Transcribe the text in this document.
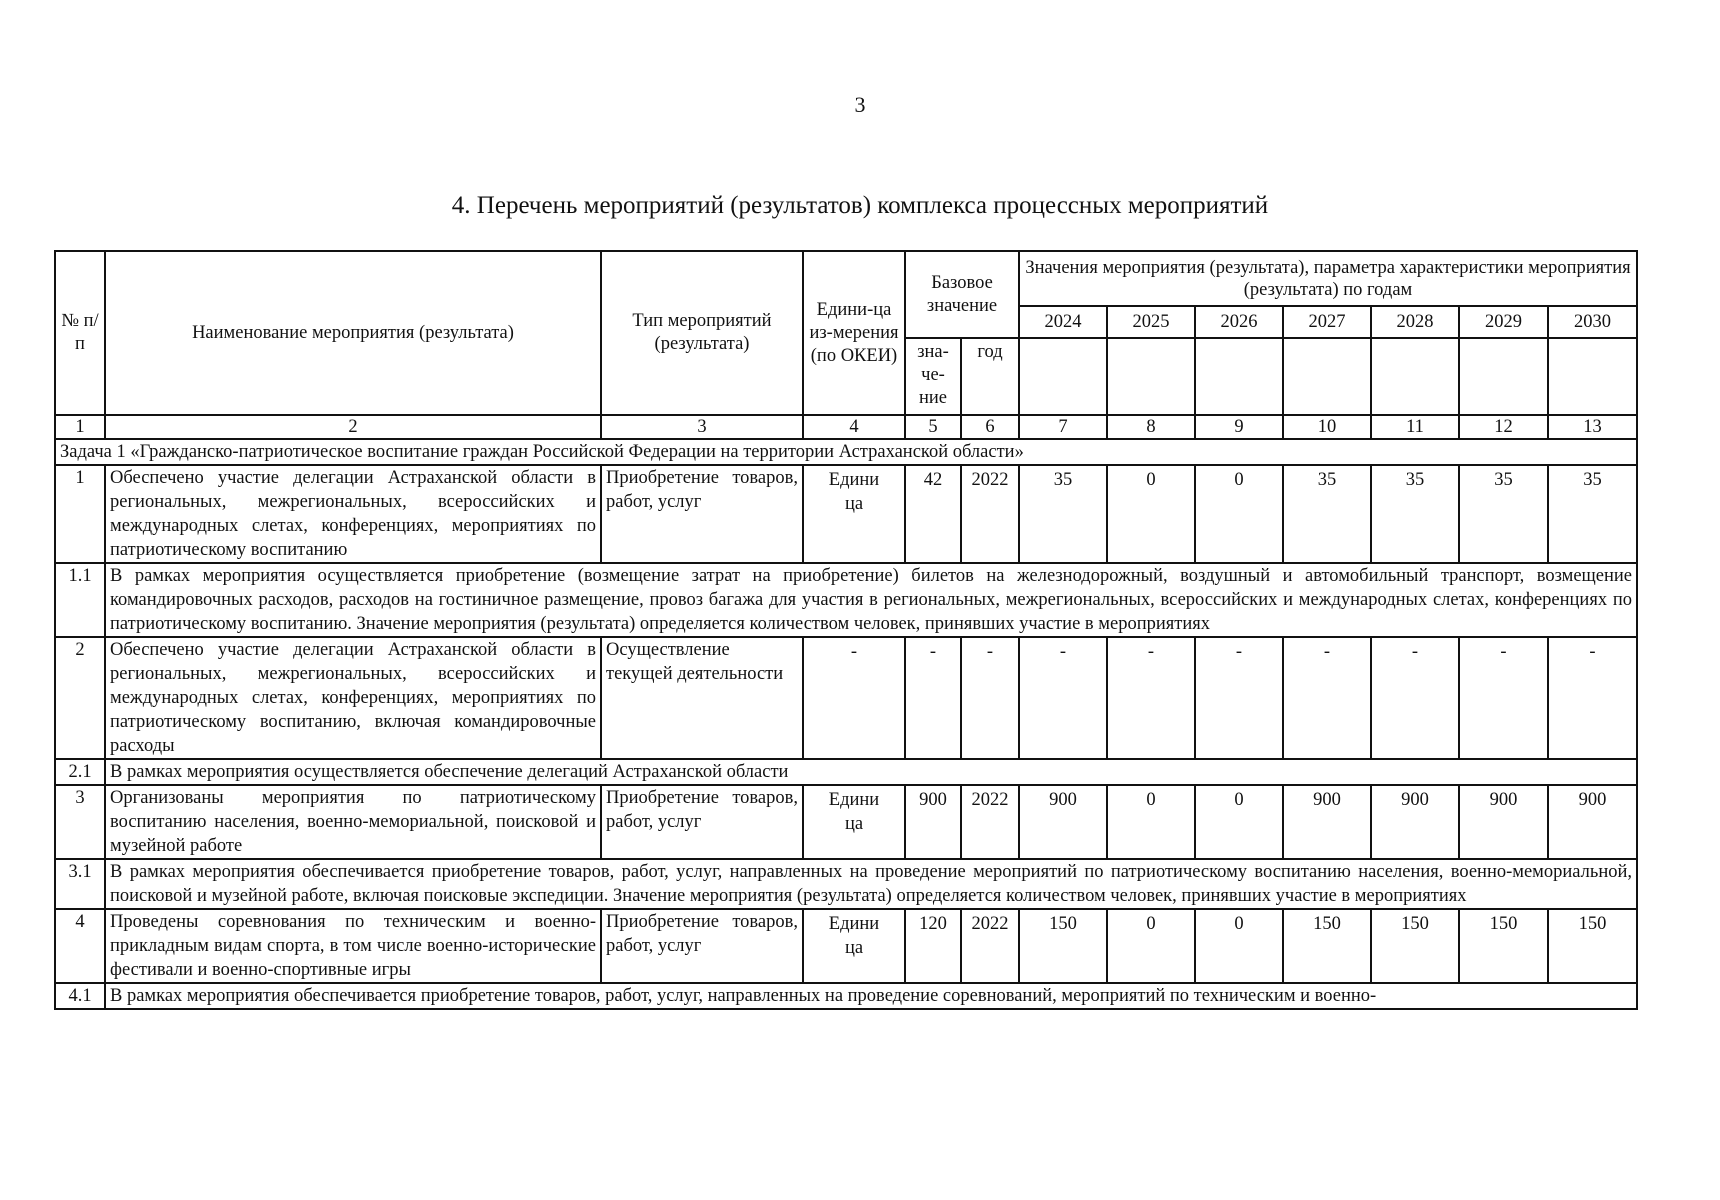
3
4. Перечень мероприятий (результатов) комплекса процессных мероприятий
№ п/п	Наименование мероприятия (результата)	Тип мероприятий (результата)	Едини-ца из-мерения (по ОКЕИ)	Базовое значение		Значения мероприятия (результата), параметра характеристики мероприятия (результата) по годам						
						2024	2025	2026	2027	2028	2029	2030
				зна-че-ние	год							
1	2	3	4	5	6	7	8	9	10	11	12	13
Задача 1 «Гражданско-патриотическое воспитание граждан Российской Федерации на территории Астраханской области»												
1	Обеспечено участие делегации Астраханской области в региональных, межрегиональных, всероссийских и международных слетах, конференциях, мероприятиях по патриотическому воспитанию	Приобретение товаров, работ, услуг	Единица	42	2022	35	0	0	35	35	35	35
1.1	В рамках мероприятия осуществляется приобретение (возмещение затрат на приобретение) билетов на железнодорожный, воздушный и автомобильный транспорт, возмещение командировочных расходов, расходов на гостиничное размещение, провоз багажа для участия в региональных, межрегиональных, всероссийских и международных слетах, конференциях по патриотическому воспитанию. Значение мероприятия (результата) определяется количеством человек, принявших участие в мероприятиях											
2	Обеспечено участие делегации Астраханской области в региональных, межрегиональных, всероссийских и международных слетах, конференциях, мероприятиях по патриотическому воспитанию, включая командировочные расходы	Осуществление текущей деятельности	-	-	-	-	-	-	-	-	-	-
2.1	В рамках мероприятия осуществляется обеспечение делегаций Астраханской области											
3	Организованы мероприятия по патриотическому воспитанию населения, военно-мемориальной, поисковой и музейной работе	Приобретение товаров, работ, услуг	Единица	900	2022	900	0	0	900	900	900	900
3.1	В рамках мероприятия обеспечивается приобретение товаров, работ, услуг, направленных на проведение мероприятий по патриотическому воспитанию населения, военно-мемориальной, поисковой и музейной работе, включая поисковые экспедиции. Значение мероприятия (результата) определяется количеством человек, принявших участие в мероприятиях											
4	Проведены соревнования по техническим и военно-прикладным видам спорта, в том числе военно-исторические фестивали и военно-спортивные игры	Приобретение товаров, работ, услуг	Единица	120	2022	150	0	0	150	150	150	150
4.1	В рамках мероприятия обеспечивается приобретение товаров, работ, услуг, направленных на проведение соревнований, мероприятий по техническим и военно-											
